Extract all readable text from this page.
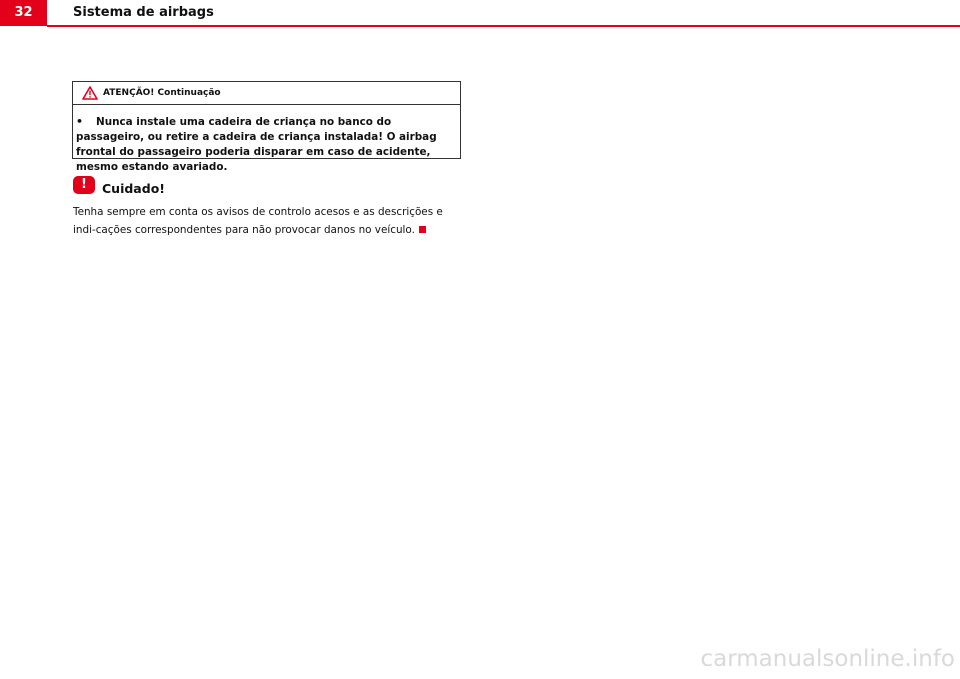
32	Sistema de airbags
ATENÇÃO! Continuação
• Nunca instale uma cadeira de criança no banco do passageiro, ou retire a cadeira de criança instalada! O airbag frontal do passageiro poderia disparar em caso de acidente, mesmo estando avariado.
!	Cuidado!
Tenha sempre em conta os avisos de controlo acesos e as descrições e indi-cações correspondentes para não provocar danos no veículo.
carmanualsonline.info
